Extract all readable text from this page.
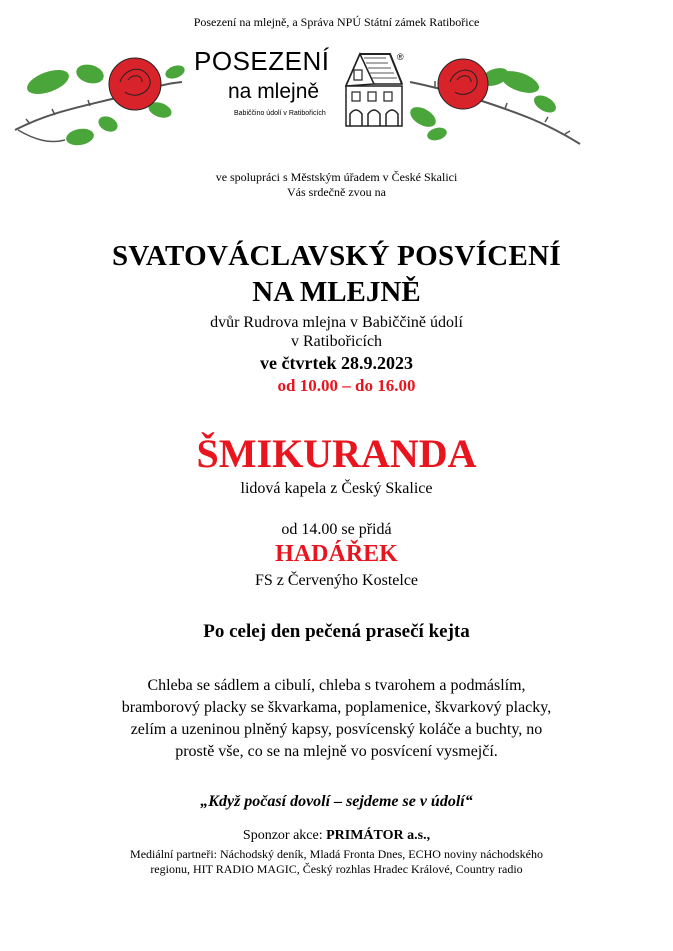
Posezení na mlejně, a Správa NPÚ Státní zámek Ratibořice
POSEZENÍ	®
na mlejně
Babiččino údolí v Ratibořicích
ve spolupráci s Městským úřadem v České Skalici
Vás srdečně zvou na
SVATOVÁCLAVSKÝ POSVÍCENÍ
NA MLEJNĚ
dvůr Rudrova mlejna v Babiččině údolí
v Ratibořicích
ve čtvrtek 28.9.2023
od 10.00 – do 16.00
ŠMIKURANDA
lidová kapela z Český Skalice
od 14.00 se přidá
HADÁŘEK
FS z Červenýho Kostelce
Po celej den pečená prasečí kejta
Chleba se sádlem a cibulí, chleba s tvarohem a podmáslím,
bramborový placky se škvarkama, poplamenice, škvarkový placky,
zelím a uzeninou plněný kapsy, posvícenský koláče a buchty, no
prostě vše, co se na mlejně vo posvícení vysmejčí.
„Když počasí dovolí – sejdeme se v údolí“
Sponzor akce: PRIMÁTOR a.s.,
Mediální partneři: Náchodský deník, Mladá Fronta Dnes, ECHO noviny náchodského
regionu, HIT RADIO MAGIC, Český rozhlas Hradec Králové, Country radio
